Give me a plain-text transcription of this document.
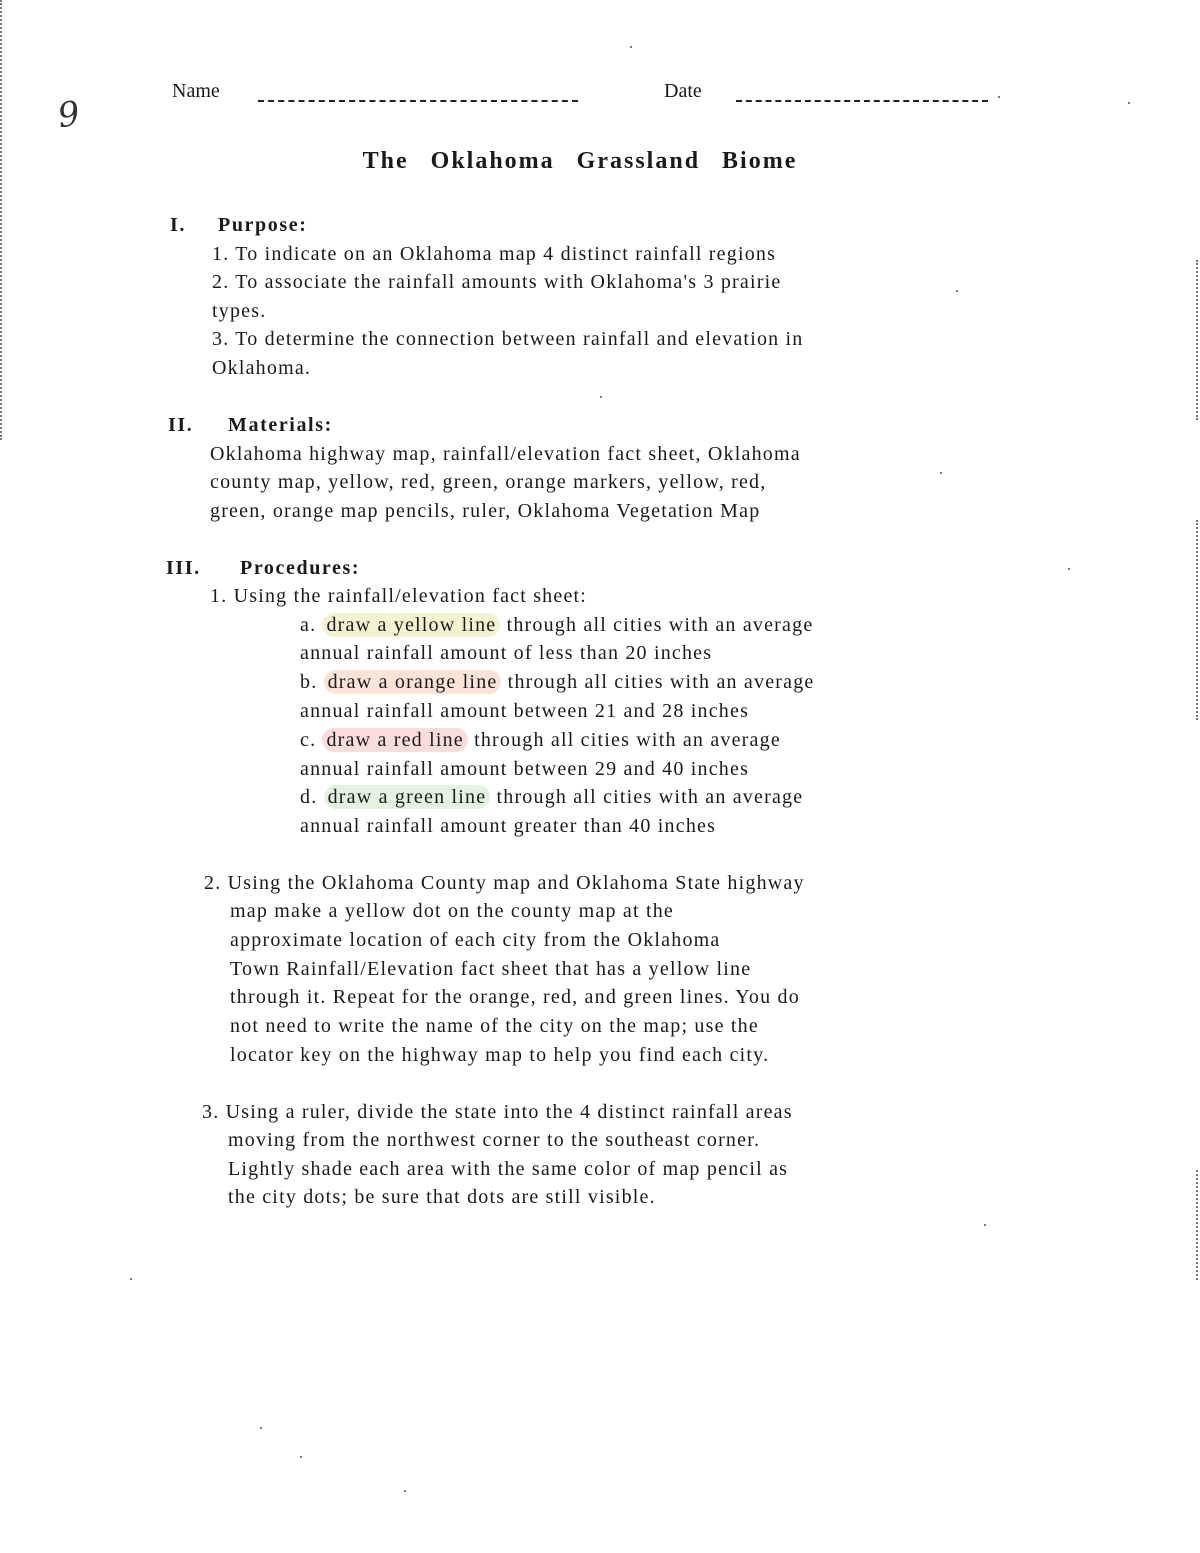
9
Name	Date
The Oklahoma Grassland Biome
I. Purpose:
1. To indicate on an Oklahoma map 4 distinct rainfall regions
2. To associate the rainfall amounts with Oklahoma's 3 prairie
types.
3. To determine the connection between rainfall and elevation in
Oklahoma.
II. Materials:
Oklahoma highway map, rainfall/elevation fact sheet, Oklahoma
county map, yellow, red, green, orange markers, yellow, red,
green, orange map pencils, ruler, Oklahoma Vegetation Map
III. Procedures:
1. Using the rainfall/elevation fact sheet:
a. draw a yellow line through all cities with an average
annual rainfall amount of less than 20 inches
b. draw a orange line through all cities with an average
annual rainfall amount between 21 and 28 inches
c. draw a red line through all cities with an average
annual rainfall amount between 29 and 40 inches
d. draw a green line through all cities with an average
annual rainfall amount greater than 40 inches
2. Using the Oklahoma County map and Oklahoma State highway
map make a yellow dot on the county map at the
approximate location of each city from the Oklahoma
Town Rainfall/Elevation fact sheet that has a yellow line
through it. Repeat for the orange, red, and green lines. You do
not need to write the name of the city on the map; use the
locator key on the highway map to help you find each city.
3. Using a ruler, divide the state into the 4 distinct rainfall areas
moving from the northwest corner to the southeast corner.
Lightly shade each area with the same color of map pencil as
the city dots; be sure that dots are still visible.
